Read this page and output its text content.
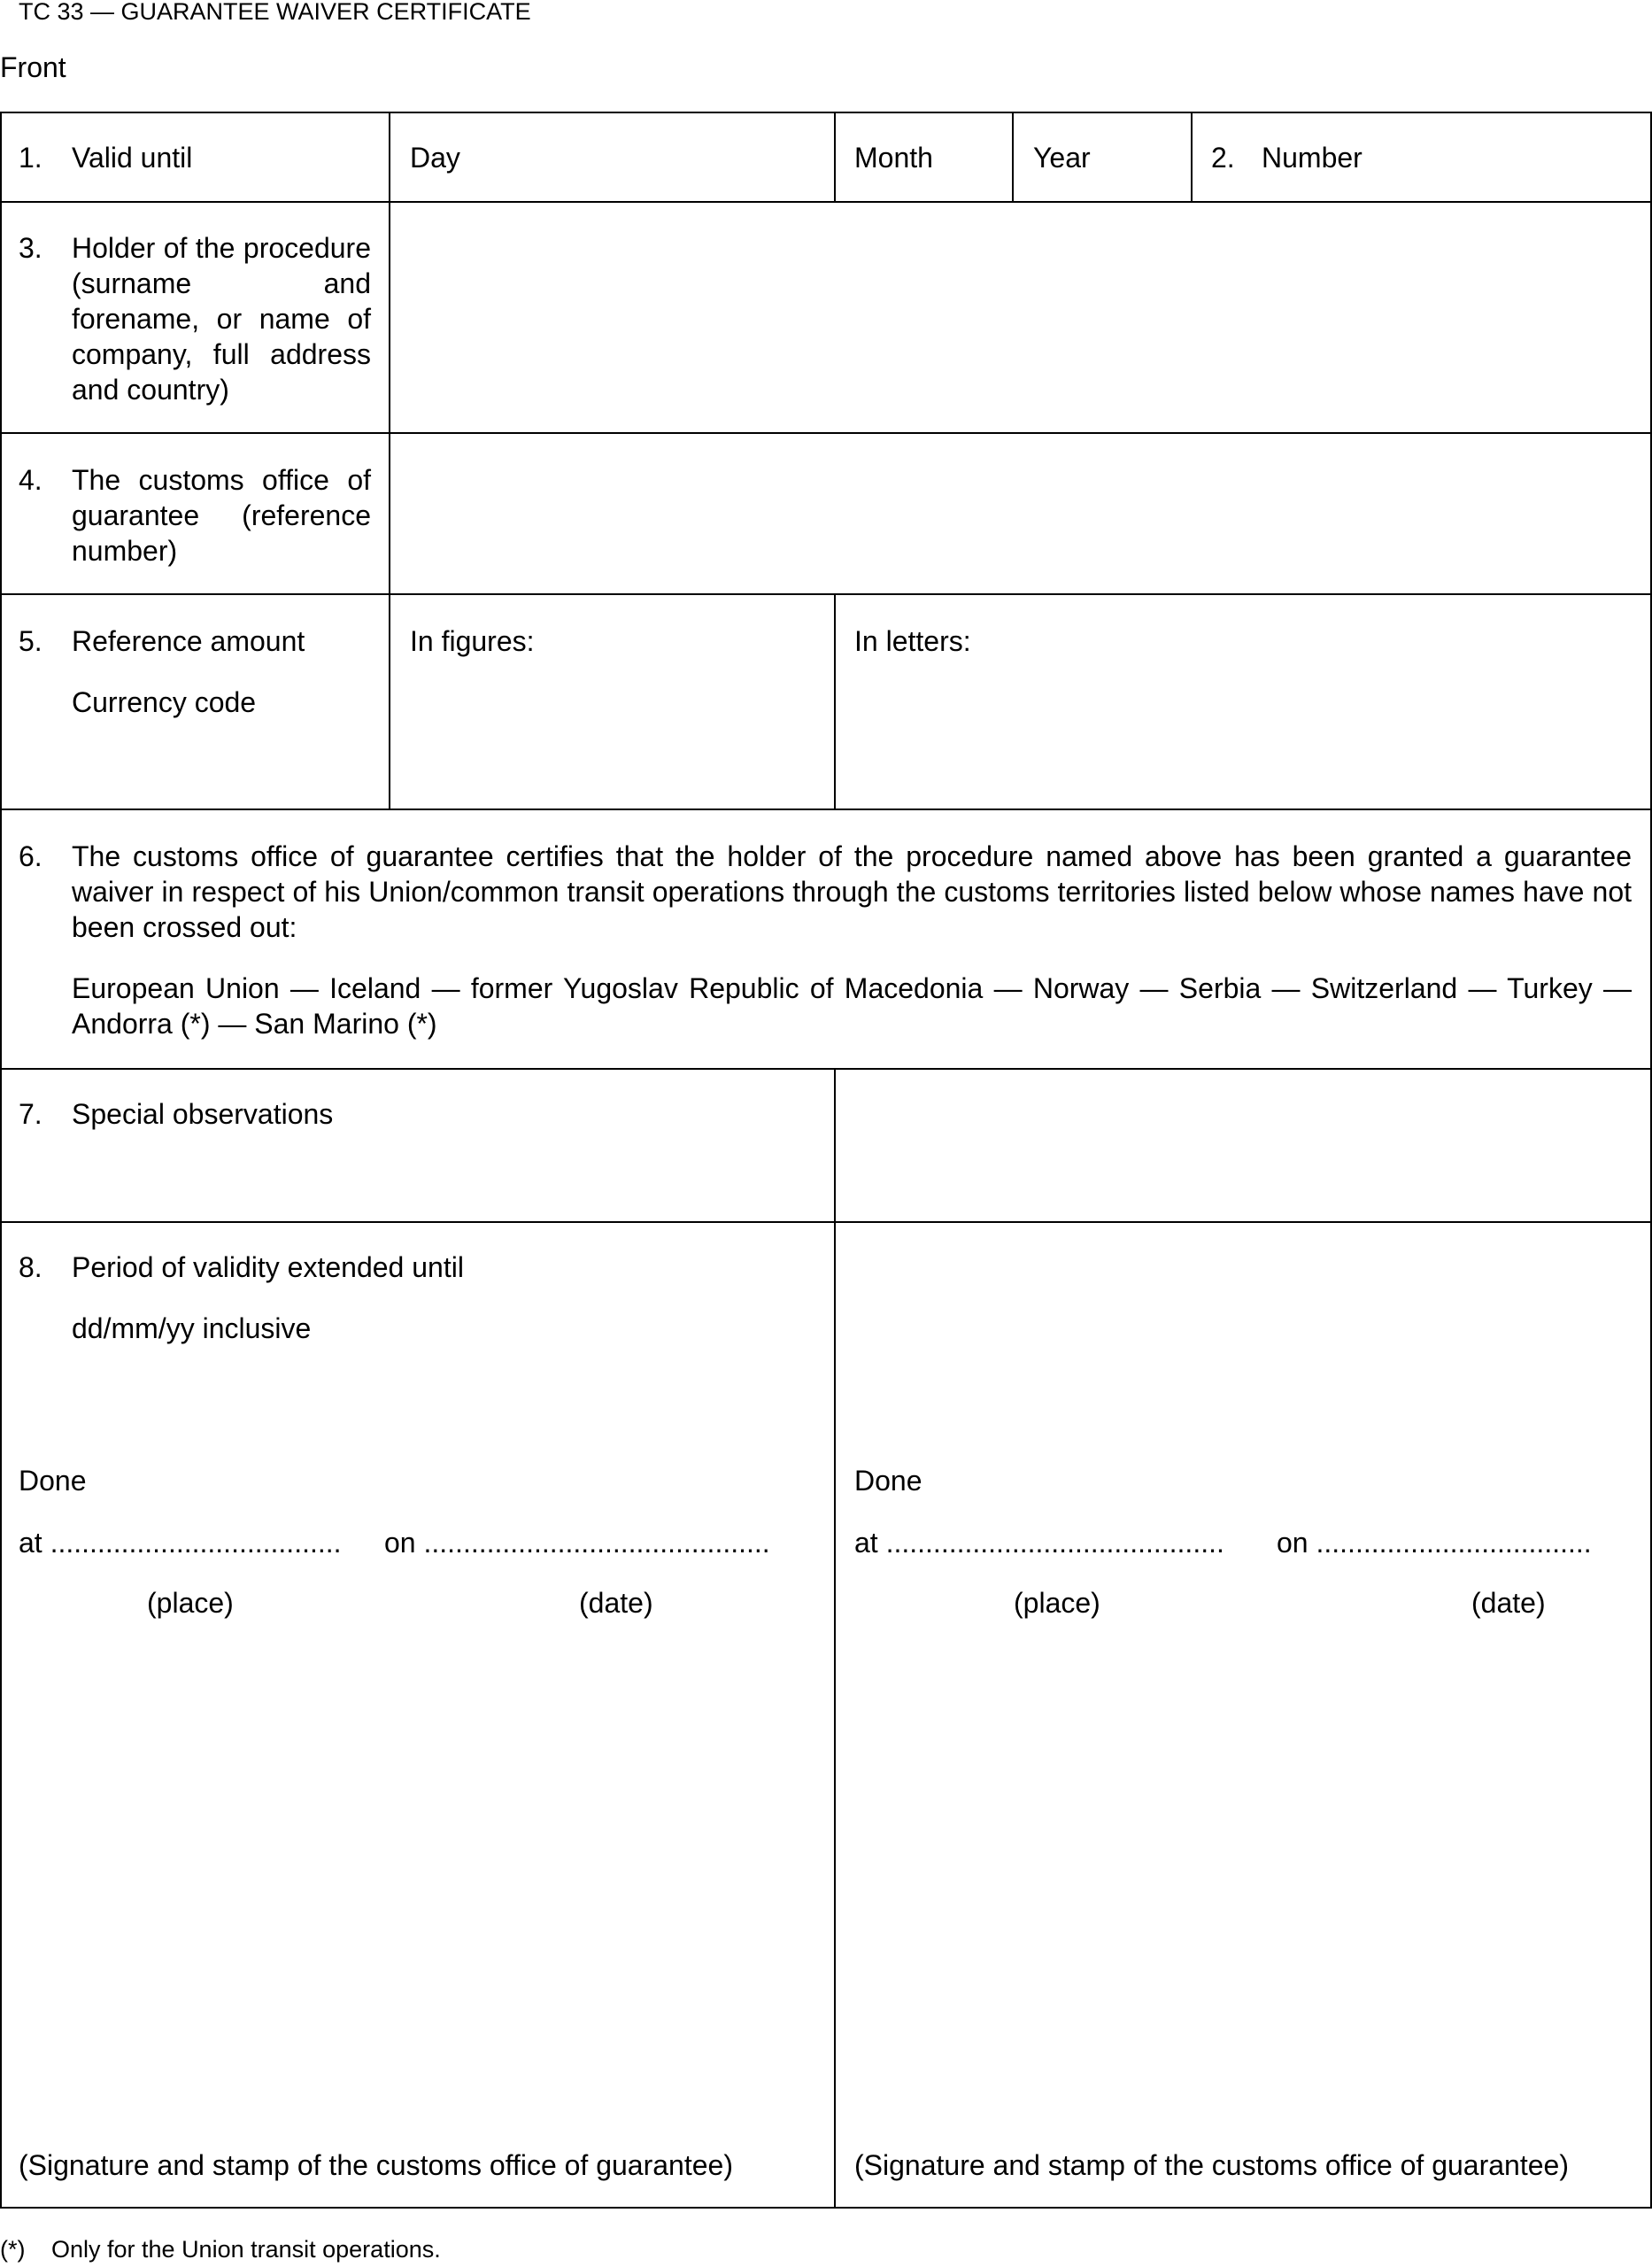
TC 33 — GUARANTEE WAIVER CERTIFICATE
Front
1. Valid until	Day	Month	Year	2. Number
3. Holder of the procedure (surname and forename, or name of company, full address and country)
4. The customs office of guarantee (reference number)
5. Reference amount
Currency code
In figures:	In letters:
6. The customs office of guarantee certifies that the holder of the procedure named above has been granted a guarantee waiver in respect of his Union/common transit operations through the customs territories listed below whose names have not been crossed out:
European Union — Iceland — former Yugoslav Republic of Macedonia — Norway — Serbia — Switzerland — Turkey — Andorra (*) — San Marino (*)
7. Special observations
8. Period of validity extended until
dd/mm/yy inclusive
Done
at ..................................... on ............................................
(place)	(date)
(Signature and stamp of the customs office of guarantee)
Done
at ........................................... on ...................................
(place)	(date)
(Signature and stamp of the customs office of guarantee)
(*) Only for the Union transit operations.
